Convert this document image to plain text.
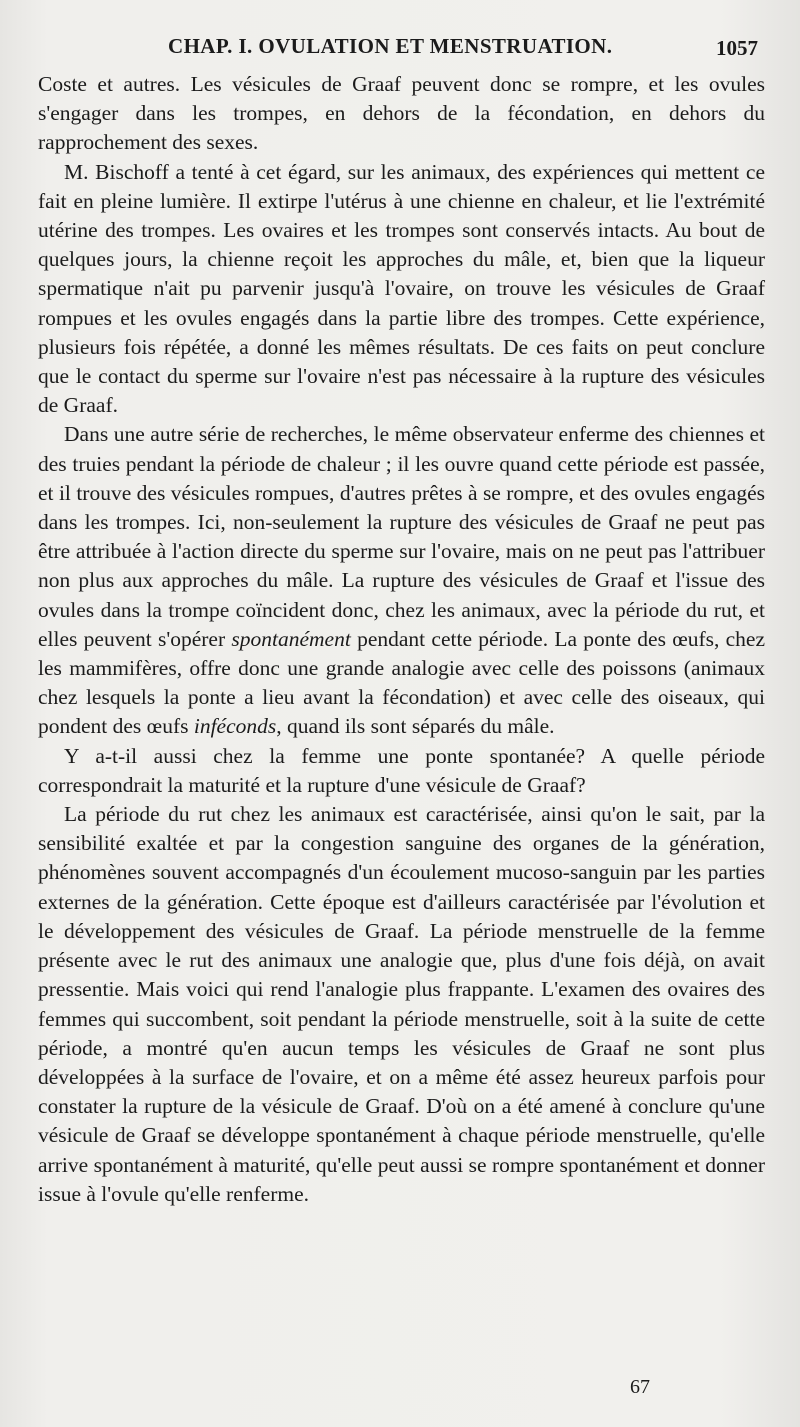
CHAP. I. OVULATION ET MENSTRUATION.	1057

Coste et autres. Les vésicules de Graaf peuvent donc se rompre, et les ovules s'engager dans les trompes, en dehors de la fécondation, en dehors du rapprochement des sexes.

M. Bischoff a tenté à cet égard, sur les animaux, des expériences qui mettent ce fait en pleine lumière. Il extirpe l'utérus à une chienne en chaleur, et lie l'extrémité utérine des trompes. Les ovaires et les trompes sont conservés intacts. Au bout de quelques jours, la chienne reçoit les approches du mâle, et, bien que la liqueur spermatique n'ait pu parvenir jusqu'à l'ovaire, on trouve les vésicules de Graaf rompues et les ovules engagés dans la partie libre des trompes. Cette expérience, plusieurs fois répétée, a donné les mêmes résultats. De ces faits on peut conclure que le contact du sperme sur l'ovaire n'est pas nécessaire à la rupture des vésicules de Graaf.

Dans une autre série de recherches, le même observateur enferme des chiennes et des truies pendant la période de chaleur ; il les ouvre quand cette période est passée, et il trouve des vésicules rompues, d'autres prêtes à se rompre, et des ovules engagés dans les trompes. Ici, non-seulement la rupture des vésicules de Graaf ne peut pas être attribuée à l'action directe du sperme sur l'ovaire, mais on ne peut pas l'attribuer non plus aux approches du mâle. La rupture des vésicules de Graaf et l'issue des ovules dans la trompe coïncident donc, chez les animaux, avec la période du rut, et elles peuvent s'opérer spontanément pendant cette période. La ponte des œufs, chez les mammifères, offre donc une grande analogie avec celle des poissons (animaux chez lesquels la ponte a lieu avant la fécondation) et avec celle des oiseaux, qui pondent des œufs inféconds, quand ils sont séparés du mâle.

Y a-t-il aussi chez la femme une ponte spontanée? A quelle période correspondrait la maturité et la rupture d'une vésicule de Graaf?

La période du rut chez les animaux est caractérisée, ainsi qu'on le sait, par la sensibilité exaltée et par la congestion sanguine des organes de la génération, phénomènes souvent accompagnés d'un écoulement mucoso-sanguin par les parties externes de la génération. Cette époque est d'ailleurs caractérisée par l'évolution et le développement des vésicules de Graaf. La période menstruelle de la femme présente avec le rut des animaux une analogie que, plus d'une fois déjà, on avait pressentie. Mais voici qui rend l'analogie plus frappante. L'examen des ovaires des femmes qui succombent, soit pendant la période menstruelle, soit à la suite de cette période, a montré qu'en aucun temps les vésicules de Graaf ne sont plus développées à la surface de l'ovaire, et on a même été assez heureux parfois pour constater la rupture de la vésicule de Graaf. D'où on a été amené à conclure qu'une vésicule de Graaf se développe spontanément à chaque période menstruelle, qu'elle arrive spontanément à maturité, qu'elle peut aussi se rompre spontanément et donner issue à l'ovule qu'elle renferme.

67
